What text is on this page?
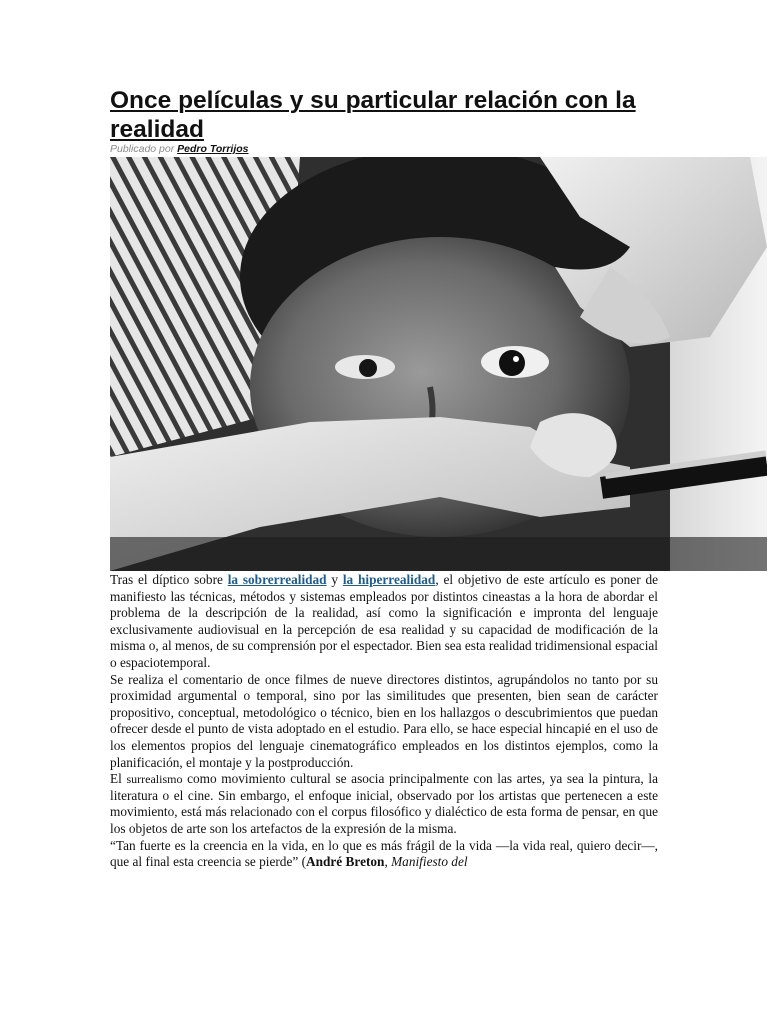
Once películas y su particular relación con la realidad
Publicado por Pedro Torrijos

Tras el díptico sobre la sobrerrealidad y la hiperrealidad, el objetivo de este artículo es poner de manifiesto las técnicas, métodos y sistemas empleados por distintos cineastas a la hora de abordar el problema de la descripción de la realidad, así como la significación e impronta del lenguaje exclusivamente audiovisual en la percepción de esa realidad y su capacidad de modificación de la misma o, al menos, de su comprensión por el espectador. Bien sea esta realidad tridimensional espacial o espaciotemporal.

Se realiza el comentario de once filmes de nueve directores distintos, agrupándolos no tanto por su proximidad argumental o temporal, sino por las similitudes que presenten, bien sean de carácter propositivo, conceptual, metodológico o técnico, bien en los hallazgos o descubrimientos que puedan ofrecer desde el punto de vista adoptado en el estudio. Para ello, se hace especial hincapié en el uso de los elementos propios del lenguaje cinematográfico empleados en los distintos ejemplos, como la planificación, el montaje y la postproducción.

El surrealismo como movimiento cultural se asocia principalmente con las artes, ya sea la pintura, la literatura o el cine. Sin embargo, el enfoque inicial, observado por los artistas que pertenecen a este movimiento, está más relacionado con el corpus filosófico y dialéctico de esta forma de pensar, en que los objetos de arte son los artefactos de la expresión de la misma.

“Tan fuerte es la creencia en la vida, en lo que es más frágil de la vida —la vida real, quiero decir—, que al final esta creencia se pierde” (André Breton, Manifiesto del
